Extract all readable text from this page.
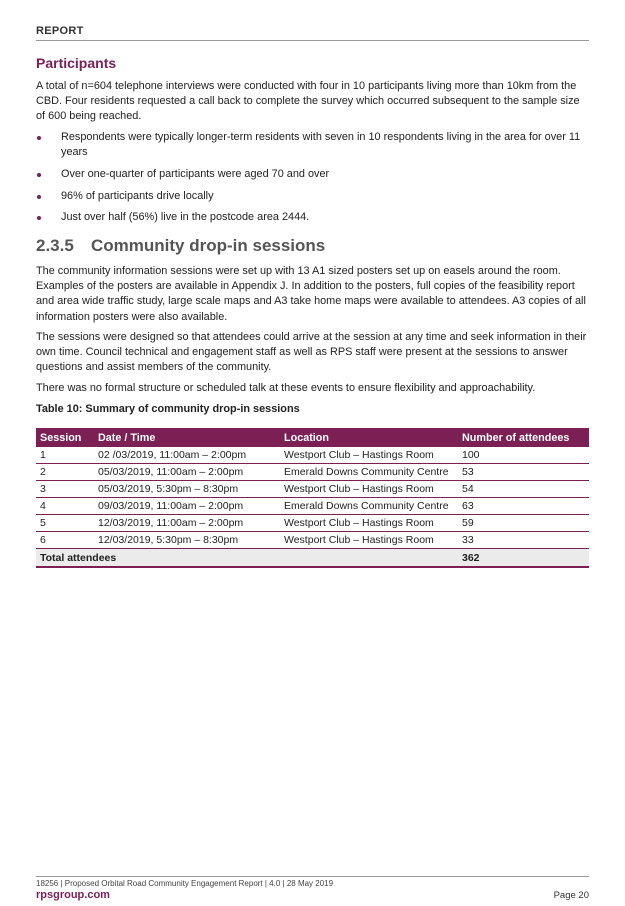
REPORT
Participants

A total of n=604 telephone interviews were conducted with four in 10 participants living more than 10km from the CBD. Four residents requested a call back to complete the survey which occurred subsequent to the sample size of 600 being reached.

Respondents were typically longer-term residents with seven in 10 respondents living in the area for over 11 years
Over one-quarter of participants were aged 70 and over
96% of participants drive locally
Just over half (56%) live in the postcode area 2444.
2.3.5 Community drop-in sessions

The community information sessions were set up with 13 A1 sized posters set up on easels around the room. Examples of the posters are available in Appendix J. In addition to the posters, full copies of the feasibility report and area wide traffic study, large scale maps and A3 take home maps were available to attendees. A3 copies of all information posters were also available.

The sessions were designed so that attendees could arrive at the session at any time and seek information in their own time. Council technical and engagement staff as well as RPS staff were present at the sessions to answer questions and assist members of the community.

There was no formal structure or scheduled talk at these events to ensure flexibility and approachability.

Table 10: Summary of community drop-in sessions
Session	Date / Time	Location	Number of attendees
1	02 /03/2019, 11:00am – 2:00pm	Westport Club – Hastings Room	100
2	05/03/2019, 11:00am – 2:00pm	Emerald Downs Community Centre	53
3	05/03/2019, 5:30pm – 8:30pm	Westport Club – Hastings Room	54
4	09/03/2019, 11:00am – 2:00pm	Emerald Downs Community Centre	63
5	12/03/2019, 11:00am – 2:00pm	Westport Club – Hastings Room	59
6	12/03/2019, 5:30pm – 8:30pm	Westport Club – Hastings Room	33
Total attendees			362
18256 | Proposed Orbital Road Community Engagement Report | 4.0 | 28 May 2019
rpsgroup.com	Page 20
